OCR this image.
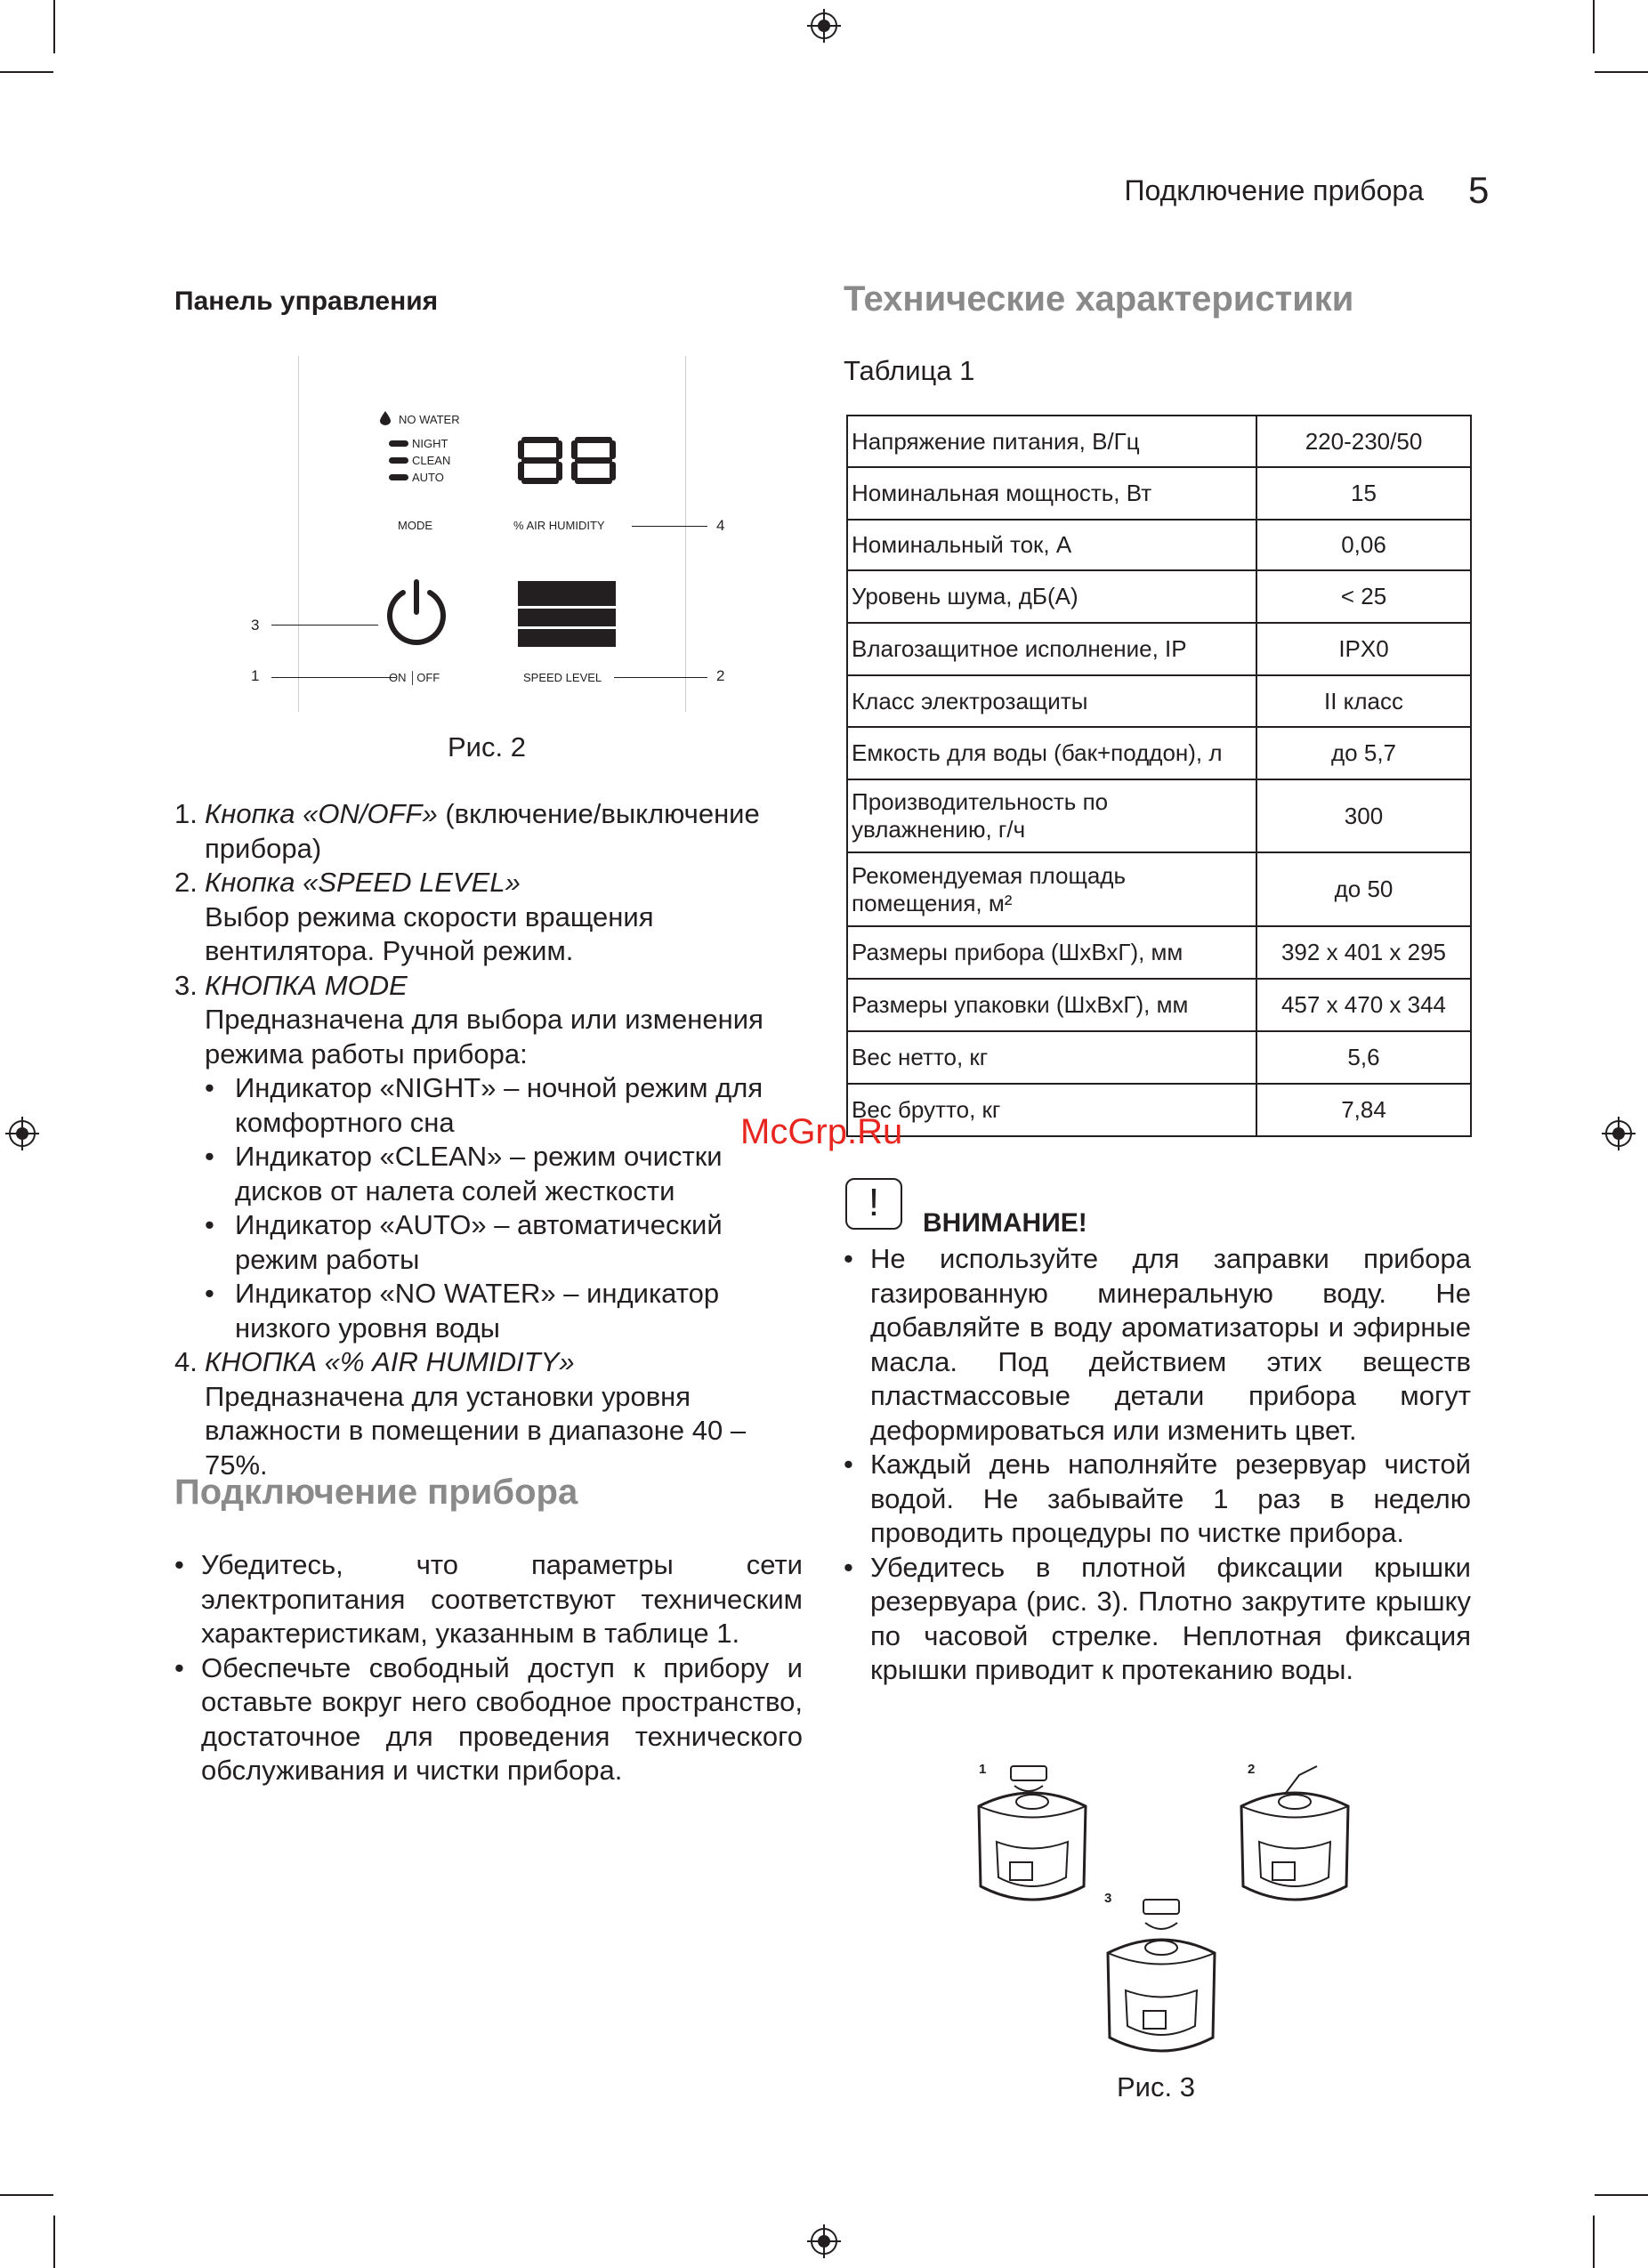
Подключение прибора 5
Панель управления
NO WATER
NIGHT
CLEAN
AUTO
MODE	% AIR HUMIDITY	4
3
1	ON │OFF	SPEED LEVEL	2
Рис. 2
1. Кнопка «ON/OFF» (включение/выключение прибора)
2. Кнопка «SPEED LEVEL»
Выбор режима скорости вращения вентилятора. Ручной режим.
3. КНОПКА MODE
Предназначена для выбора или изменения режима работы прибора:
• Индикатор «NIGHT» – ночной режим для комфортного сна
• Индикатор «CLEAN» – режим очистки дисков от налета солей жесткости
• Индикатор «AUTO» – автоматический режим работы
• Индикатор «NO WATER» – индикатор низкого уровня воды
4. КНОПКА «% AIR HUMIDITY»
Предназначена для установки уровня влажности в помещении в диапазоне 40 – 75%.
Подключение прибора
• Убедитесь, что параметры сети электропитания соответствуют техническим характеристикам, указанным в таблице 1.
• Обеспечьте свободный доступ к прибору и оставьте вокруг него свободное пространство, достаточное для проведения технического обслуживания и чистки прибора.
Технические характеристики
Таблица 1
Напряжение питания, В/Гц	220-230/50
Номинальная мощность, Вт	15
Номинальный ток, А	0,06
Уровень шума, дБ(А)	< 25
Влагозащитное исполнение, IP	IPX0
Класс электрозащиты	II класс
Емкость для воды (бак+поддон), л	до 5,7
Производительность по увлажнению, г/ч	300
Рекомендуемая площадь помещения, м²	до 50
Размеры прибора (ШхВхГ), мм	392 x 401 x 295
Размеры упаковки (ШхВхГ), мм	457 x 470 x 344
Вес нетто, кг	5,6
Вес брутто, кг	7,84
McGrp.Ru
!	ВНИМАНИЕ!
• Не используйте для заправки прибора газированную минеральную воду. Не добавляйте в воду ароматизаторы и эфирные масла. Под действием этих веществ пластмассовые детали прибора могут деформироваться или изменить цвет.
• Каждый день наполняйте резервуар чистой водой. Не забывайте 1 раз в неделю проводить процедуры по чистке прибора.
• Убедитесь в плотной фиксации крышки резервуара (рис. 3). Плотно закрутите крышку по часовой стрелке. Неплотная фиксация крышки приводит к протеканию воды.
1	2
3
Рис. 3
